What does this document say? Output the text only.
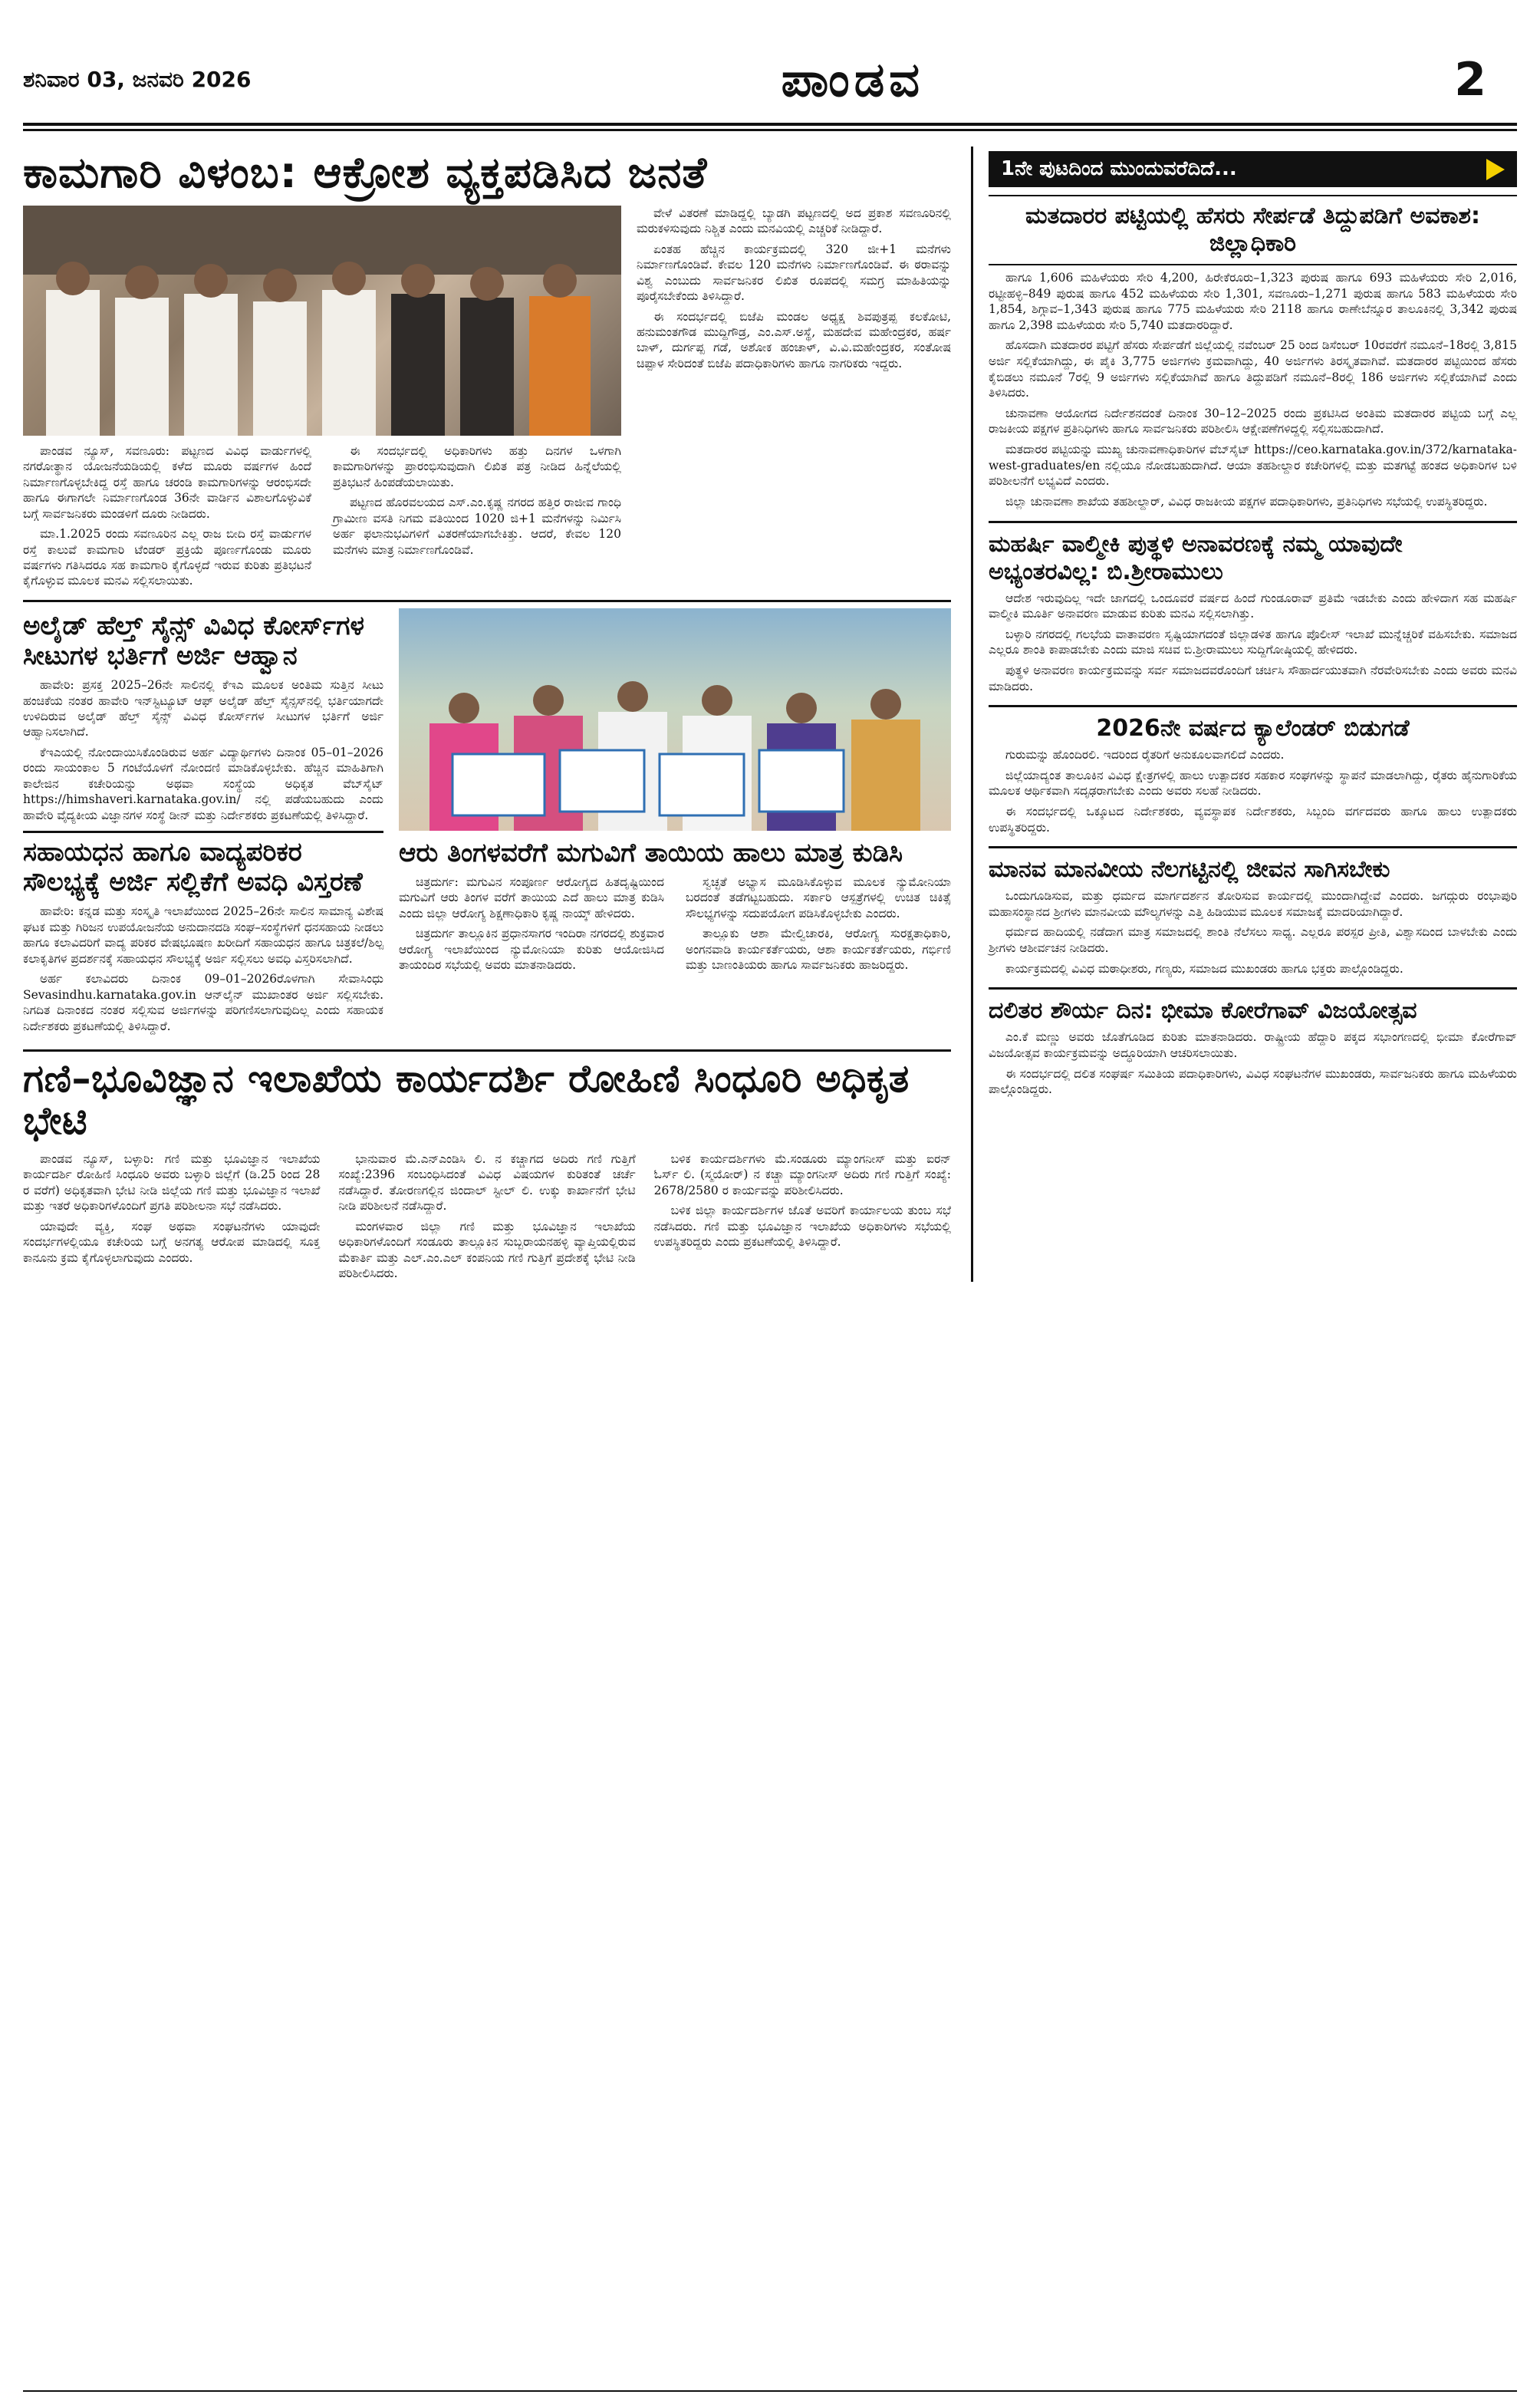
ಶನಿವಾರ 03, ಜನವರಿ 2026	ಪಾಂಡವ	2
ಕಾಮಗಾರಿ ವಿಳಂಬ: ಆಕ್ರೋಶ ವ್ಯಕ್ತಪಡಿಸಿದ ಜನತೆ

ಪಾಂಡವ ನ್ಯೂಸ್, ಸವಣೂರು: ಪಟ್ಟಣದ ವಿವಿಧ ವಾರ್ಡುಗಳಲ್ಲಿ ನಗರೋತ್ಥಾನ ಯೋಜನೆಯಡಿಯಲ್ಲಿ ಕಳೆದ ಮೂರು ವರ್ಷಗಳ ಹಿಂದೆ ನಿರ್ಮಾಣಗೊಳ್ಳಬೇಕಿದ್ದ ರಸ್ತೆ ಹಾಗೂ ಚರಂಡಿ ಕಾಮಗಾರಿಗಳನ್ನು ಆರಂಭಿಸದೇ ಹಾಗೂ ಈಗಾಗಲೇ ನಿರ್ಮಾಣಗೊಂಡ 36ನೇ ವಾರ್ಡಿನ ವಿಶಾಲಗೊಳ್ಳುವಿಕೆ ಬಗ್ಗೆ ಸಾರ್ವಜನಿಕರು ಮಂಡಳಿಗೆ ದೂರು ನೀಡಿದರು.

ಮಾ.1.2025 ರಂದು ಸವಣೂರಿನ ಎಲ್ಲ ರಾಜ ಬೀದಿ ರಸ್ತೆ ವಾರ್ಡುಗಳ ರಸ್ತೆ ಕಾಲುವೆ ಕಾಮಗಾರಿ ಟೆಂಡರ್ ಪ್ರಕ್ರಿಯೆ ಪೂರ್ಣಗೊಂಡು ಮೂರು ವರ್ಷಗಳು ಗತಿಸಿದರೂ ಸಹ ಕಾಮಗಾರಿ ಕೈಗೊಳ್ಳದೆ ಇರುವ ಕುರಿತು ಪ್ರತಿಭಟನೆ ಕೈಗೊಳ್ಳುವ ಮೂಲಕ ಮನವಿ ಸಲ್ಲಿಸಲಾಯಿತು.

ಈ ಸಂದರ್ಭದಲ್ಲಿ ಅಧಿಕಾರಿಗಳು ಹತ್ತು ದಿನಗಳ ಒಳಗಾಗಿ ಕಾಮಗಾರಿಗಳನ್ನು ಪ್ರಾರಂಭಿಸುವುದಾಗಿ ಲಿಖಿತ ಪತ್ರ ನೀಡಿದ ಹಿನ್ನೆಲೆಯಲ್ಲಿ ಪ್ರತಿಭಟನೆ ಹಿಂಪಡೆಯಲಾಯಿತು.

ಪಟ್ಟಣದ ಹೊರವಲಯದ ಎಸ್.ಎಂ.ಕೃಷ್ಣ ನಗರದ ಹತ್ತಿರ ರಾಜೀವ ಗಾಂಧಿ ಗ್ರಾಮೀಣ ವಸತಿ ನಿಗಮ ವತಿಯಿಂದ 1020 ಜಿ+1 ಮನೆಗಳನ್ನು ನಿರ್ಮಿಸಿ ಅರ್ಹ ಫಲಾನುಭವಿಗಳಿಗೆ ವಿತರಣೆಯಾಗಬೇಕಿತ್ತು. ಆದರೆ, ಕೇವಲ 120 ಮನೆಗಳು ಮಾತ್ರ ನಿರ್ಮಾಣಗೊಂಡಿವೆ.

ವೇಳೆ ವಿತರಣೆ ಮಾಡಿದ್ದಲ್ಲಿ ಬ್ಯಾಡಗಿ ಪಟ್ಟಣದಲ್ಲಿ ಅದ ಪ್ರಕಾಶ ಸವಣೂರಿನಲ್ಲಿ ಮರುಕಳಿಸುವುದು ನಿಶ್ಚಿತ ಎಂದು ಮನವಿಯಲ್ಲಿ ಎಚ್ಚರಿಕೆ ನೀಡಿದ್ದಾರೆ.

ಏಂತಹ ಹೆಚ್ಚಿನ ಕಾರ್ಯಕ್ರಮದಲ್ಲಿ 320 ಜೀ+1 ಮನೆಗಳು ನಿರ್ಮಾಣಗೊಂಡಿವೆ. ಕೇವಲ 120 ಮನೆಗಳು ನಿರ್ಮಾಣಗೊಂಡಿವೆ. ಈ ಠರಾವನ್ನು ವಿಶ್ವ ಎಂಬುದು ಸಾರ್ವಜನಿಕರ ಲಿಖಿತ ರೂಪದಲ್ಲಿ ಸಮಗ್ರ ಮಾಹಿತಿಯನ್ನು ಪೂರೈಸಬೇಕೆಂದು ತಿಳಿಸಿದ್ದಾರೆ.

ಈ ಸಂದರ್ಭದಲ್ಲಿ ಬಿಜೆಪಿ ಮಂಡಲ ಅಧ್ಯಕ್ಷ ಶಿವಪುತ್ರಪ್ಪ ಕಲಕೋಟಿ, ಹನುಮಂತಗೌಡ ಮುದ್ದಿಗೌಡ್ರ, ಎಂ.ಎಸ್.ಅಸ್ಥೆ, ಮಹದೇವ ಮಹೇಂದ್ರಕರ, ಹರ್ಷ ಬಾಳ್, ದುರ್ಗಪ್ಪ ಗಡೆ, ಅಶೋಕ ಹಂಚಾಳ್, ವಿ.ವಿ.ಮಹೇಂದ್ರಕರ, ಸಂತೋಷ ಚಿಪ್ಪಾಳ ಸೇರಿದಂತೆ ಬಿಜೆಪಿ ಪದಾಧಿಕಾರಿಗಳು ಹಾಗೂ ನಾಗರಿಕರು ಇದ್ದರು.

ಅಲೈಡ್ ಹೆಲ್ತ್ ಸೈನ್ಸ್ ವಿವಿಧ ಕೋರ್ಸ್‌ಗಳ ಸೀಟುಗಳ ಭರ್ತಿಗೆ ಅರ್ಜಿ ಆಹ್ವಾನ

ಹಾವೇರಿ: ಪ್ರಸಕ್ತ 2025–26ನೇ ಸಾಲಿನಲ್ಲಿ ಕೆಇಎ ಮೂಲಕ ಅಂತಿಮ ಸುತ್ತಿನ ಸೀಟು ಹಂಚಿಕೆಯ ನಂತರ ಹಾವೇರಿ ಇನ್‌ಸ್ಟಿಟ್ಯೂಟ್ ಆಫ್ ಅಲೈಡ್ ಹೆಲ್ತ್ ಸೈನ್ಸಸ್‌ನಲ್ಲಿ ಭರ್ತಿಯಾಗದೇ ಉಳಿದಿರುವ ಅಲೈಡ್ ಹೆಲ್ತ್ ಸೈನ್ಸ್ ವಿವಿಧ ಕೋರ್ಸ್‌ಗಳ ಸೀಟುಗಳ ಭರ್ತಿಗೆ ಅರ್ಜಿ ಆಹ್ವಾನಿಸಲಾಗಿದೆ.

ಕೆಇಎಯಲ್ಲಿ ನೋಂದಾಯಿಸಿಕೊಂಡಿರುವ ಅರ್ಹ ವಿದ್ಯಾರ್ಥಿಗಳು ದಿನಾಂಕ 05–01–2026 ರಂದು ಸಾಯಂಕಾಲ 5 ಗಂಟೆಯೊಳಗೆ ನೋಂದಣಿ ಮಾಡಿಕೊಳ್ಳಬೇಕು. ಹೆಚ್ಚಿನ ಮಾಹಿತಿಗಾಗಿ ಕಾಲೇಜಿನ ಕಚೇರಿಯನ್ನು ಅಥವಾ ಸಂಸ್ಥೆಯ ಅಧಿಕೃತ ವೆಬ್‌ಸೈಟ್ https://himshaveri.karnataka.gov.in/ ನಲ್ಲಿ ಪಡೆಯಬಹುದು ಎಂದು ಹಾವೇರಿ ವೈದ್ಯಕೀಯ ವಿಜ್ಞಾನಗಳ ಸಂಸ್ಥೆ ಡೀನ್ ಮತ್ತು ನಿರ್ದೇಶಕರು ಪ್ರಕಟಣೆಯಲ್ಲಿ ತಿಳಿಸಿದ್ದಾರೆ.

ಸಹಾಯಧನ ಹಾಗೂ ವಾದ್ಯಪರಿಕರ ಸೌಲಭ್ಯಕ್ಕೆ ಅರ್ಜಿ ಸಲ್ಲಿಕೆಗೆ ಅವಧಿ ವಿಸ್ತರಣೆ

ಹಾವೇರಿ: ಕನ್ನಡ ಮತ್ತು ಸಂಸ್ಕೃತಿ ಇಲಾಖೆಯಿಂದ 2025–26ನೇ ಸಾಲಿನ ಸಾಮಾನ್ಯ ವಿಶೇಷ ಘಟಕ ಮತ್ತು ಗಿರಿಜನ ಉಪಯೋಜನೆಯ ಅನುದಾನದಡಿ ಸಂಘ–ಸಂಸ್ಥೆಗಳಿಗೆ ಧನಸಹಾಯ ನೀಡಲು ಹಾಗೂ ಕಲಾವಿದರಿಗೆ ವಾದ್ಯ ಪರಿಕರ ವೇಷಭೂಷಣ ಖರೀದಿಗೆ ಸಹಾಯಧನ ಹಾಗೂ ಚಿತ್ರಕಲೆ/ಶಿಲ್ಪ ಕಲಾಕೃತಿಗಳ ಪ್ರದರ್ಶನಕ್ಕೆ ಸಹಾಯಧನ ಸೌಲಭ್ಯಕ್ಕೆ ಅರ್ಜಿ ಸಲ್ಲಿಸಲು ಅವಧಿ ವಿಸ್ತರಿಸಲಾಗಿದೆ.

ಅರ್ಹ ಕಲಾವಿದರು ದಿನಾಂಕ 09–01–2026ರೊಳಗಾಗಿ ಸೇವಾಸಿಂಧು Sevasindhu.karnataka.gov.in ಆನ್‌ಲೈನ್ ಮುಖಾಂತರ ಅರ್ಜಿ ಸಲ್ಲಿಸಬೇಕು. ನಿಗದಿತ ದಿನಾಂಕದ ನಂತರ ಸಲ್ಲಿಸುವ ಅರ್ಜಿಗಳನ್ನು ಪರಿಗಣಿಸಲಾಗುವುದಿಲ್ಲ ಎಂದು ಸಹಾಯಕ ನಿರ್ದೇಶಕರು ಪ್ರಕಟಣೆಯಲ್ಲಿ ತಿಳಿಸಿದ್ದಾರೆ.

ಆರು ತಿಂಗಳವರೆಗೆ ಮಗುವಿಗೆ ತಾಯಿಯ ಹಾಲು ಮಾತ್ರ ಕುಡಿಸಿ

ಚಿತ್ರದುರ್ಗ: ಮಗುವಿನ ಸಂಪೂರ್ಣ ಆರೋಗ್ಯದ ಹಿತದೃಷ್ಟಿಯಿಂದ ಮಗುವಿಗೆ ಆರು ತಿಂಗಳ ವರೆಗೆ ತಾಯಿಯ ಎದೆ ಹಾಲು ಮಾತ್ರ ಕುಡಿಸಿ ಎಂದು ಜಿಲ್ಲಾ ಆರೋಗ್ಯ ಶಿಕ್ಷಣಾಧಿಕಾರಿ ಕೃಷ್ಣ ನಾಯ್ಕ್ ಹೇಳಿದರು.

ಚಿತ್ರದುರ್ಗ ತಾಲ್ಲೂಕಿನ ಪ್ರಧಾನಸಾಗರ ಇಂದಿರಾ ನಗರದಲ್ಲಿ ಶುಕ್ರವಾರ ಆರೋಗ್ಯ ಇಲಾಖೆಯಿಂದ ನ್ಯುಮೋನಿಯಾ ಕುರಿತು ಆಯೋಜಿಸಿದ ತಾಯಂದಿರ ಸಭೆಯಲ್ಲಿ ಅವರು ಮಾತನಾಡಿದರು.

ಸ್ವಚ್ಛತೆ ಅಭ್ಯಾಸ ಮೂಡಿಸಿಕೊಳ್ಳುವ ಮೂಲಕ ನ್ಯುಮೋನಿಯಾ ಬರದಂತೆ ತಡೆಗಟ್ಟಬಹುದು. ಸರ್ಕಾರಿ ಆಸ್ಪತ್ರೆಗಳಲ್ಲಿ ಉಚಿತ ಚಿಕಿತ್ಸೆ ಸೌಲಭ್ಯಗಳನ್ನು ಸದುಪಯೋಗ ಪಡಿಸಿಕೊಳ್ಳಬೇಕು ಎಂದರು.

ತಾಲ್ಲೂಕು ಆಶಾ ಮೇಲ್ವಿಚಾರಕಿ, ಆರೋಗ್ಯ ಸುರಕ್ಷತಾಧಿಕಾರಿ, ಅಂಗನವಾಡಿ ಕಾರ್ಯಕರ್ತೆಯರು, ಆಶಾ ಕಾರ್ಯಕರ್ತೆಯರು, ಗರ್ಭಿಣಿ ಮತ್ತು ಬಾಣಂತಿಯರು ಹಾಗೂ ಸಾರ್ವಜನಿಕರು ಹಾಜರಿದ್ದರು.

ಗಣಿ–ಭೂವಿಜ್ಞಾನ ಇಲಾಖೆಯ ಕಾರ್ಯದರ್ಶಿ ರೋಹಿಣಿ ಸಿಂಧೂರಿ ಅಧಿಕೃತ ಭೇಟಿ

ಪಾಂಡವ ನ್ಯೂಸ್, ಬಳ್ಳಾರಿ: ಗಣಿ ಮತ್ತು ಭೂವಿಜ್ಞಾನ ಇಲಾಖೆಯ ಕಾರ್ಯದರ್ಶಿ ರೋಹಿಣಿ ಸಿಂಧೂರಿ ಅವರು ಬಳ್ಳಾರಿ ಜಿಲ್ಲೆಗೆ (ಡಿ.25 ರಿಂದ 28 ರ ವರೆಗೆ) ಅಧಿಕೃತವಾಗಿ ಭೇಟಿ ನೀಡಿ ಜಿಲ್ಲೆಯ ಗಣಿ ಮತ್ತು ಭೂವಿಜ್ಞಾನ ಇಲಾಖೆ ಮತ್ತು ಇತರೆ ಅಧಿಕಾರಿಗಳೊಂದಿಗೆ ಪ್ರಗತಿ ಪರಿಶೀಲನಾ ಸಭೆ ನಡೆಸಿದರು.

ಯಾವುದೇ ವ್ಯಕ್ತಿ, ಸಂಘ ಅಥವಾ ಸಂಘಟನೆಗಳು ಯಾವುದೇ ಸಂದರ್ಭಗಳಲ್ಲಿಯೂ ಕಚೇರಿಯ ಬಗ್ಗೆ ಅನಗತ್ಯ ಆರೋಪ ಮಾಡಿದಲ್ಲಿ ಸೂಕ್ತ ಕಾನೂನು ಕ್ರಮ ಕೈಗೊಳ್ಳಲಾಗುವುದು ಎಂದರು.

ಭಾನುವಾರ ಮೆ.ಎನ್‌ಎಂಡಿಸಿ ಲಿ. ನ ಕಚ್ಚಾಗದ ಅದಿರು ಗಣಿ ಗುತ್ತಿಗೆ ಸಂಖ್ಯೆ:2396 ಸಂಬಂಧಿಸಿದಂತೆ ವಿವಿಧ ವಿಷಯಗಳ ಕುರಿತಂತೆ ಚರ್ಚೆ ನಡೆಸಿದ್ದಾರೆ. ತೋರಣಗಲ್ಲಿನ ಜಿಂದಾಲ್ ಸ್ಟೀಲ್ ಲಿ. ಉಕ್ಕು ಕಾರ್ಖಾನೆಗೆ ಭೇಟಿ ನೀಡಿ ಪರಿಶೀಲನೆ ನಡೆಸಿದ್ದಾರೆ.

ಮಂಗಳವಾರ ಜಿಲ್ಲಾ ಗಣಿ ಮತ್ತು ಭೂವಿಜ್ಞಾನ ಇಲಾಖೆಯ ಅಧಿಕಾರಿಗಳೊಂದಿಗೆ ಸಂಡೂರು ತಾಲ್ಲೂಕಿನ ಸುಬ್ಬರಾಯನಹಳ್ಳಿ ವ್ಯಾಪ್ತಿಯಲ್ಲಿರುವ ಮೆಕಾರ್ತಿ ಮತ್ತು ಎಲ್.ಎಂ.ಎಲ್ ಕಂಪನಿಯ ಗಣಿ ಗುತ್ತಿಗೆ ಪ್ರದೇಶಕ್ಕೆ ಭೇಟಿ ನೀಡಿ ಪರಿಶೀಲಿಸಿದರು.

ಬಳಿಕ ಕಾರ್ಯದರ್ಶಿಗಳು ಮೆ.ಸಂಡೂರು ಮ್ಯಾಂಗನೀಸ್ ಮತ್ತು ಐರನ್ ಓರ್ಸ್ ಲಿ. (ಸ್ಮಯೋರ್) ನ ಕಚ್ಚಾ ಮ್ಯಾಂಗನೀಸ್ ಅದಿರು ಗಣಿ ಗುತ್ತಿಗೆ ಸಂಖ್ಯೆ: 2678/2580 ರ ಕಾರ್ಯವನ್ನು ಪರಿಶೀಲಿಸಿದರು.

ಬಳಿಕ ಜಿಲ್ಲಾ ಕಾರ್ಯದರ್ಶಿಗಳ ಜೊತೆ ಅವರಿಗೆ ಕಾರ್ಯಾಲಯ ತುಂಬ ಸಭೆ ನಡೆಸಿದರು. ಗಣಿ ಮತ್ತು ಭೂವಿಜ್ಞಾನ ಇಲಾಖೆಯ ಅಧಿಕಾರಿಗಳು ಸಭೆಯಲ್ಲಿ ಉಪಸ್ಥಿತರಿದ್ದರು ಎಂದು ಪ್ರಕಟಣೆಯಲ್ಲಿ ತಿಳಿಸಿದ್ದಾರೆ.

1ನೇ ಪುಟದಿಂದ ಮುಂದುವರೆದಿದೆ...
ಮತದಾರರ ಪಟ್ಟಿಯಲ್ಲಿ ಹೆಸರು ಸೇರ್ಪಡೆ ತಿದ್ದುಪಡಿಗೆ ಅವಕಾಶ: ಜಿಲ್ಲಾಧಿಕಾರಿ

ಹಾಗೂ 1,606 ಮಹಿಳೆಯರು ಸೇರಿ 4,200, ಹಿರೇಕೆರೂರು–1,323 ಪುರುಷ ಹಾಗೂ 693 ಮಹಿಳೆಯರು ಸೇರಿ 2,016, ರಟ್ಟೀಹಳ್ಳಿ–849 ಪುರುಷ ಹಾಗೂ 452 ಮಹಿಳೆಯರು ಸೇರಿ 1,301, ಸವಣೂರು–1,271 ಪುರುಷ ಹಾಗೂ 583 ಮಹಿಳೆಯರು ಸೇರಿ 1,854, ಶಿಗ್ಗಾವ–1,343 ಪುರುಷ ಹಾಗೂ 775 ಮಹಿಳೆಯರು ಸೇರಿ 2118 ಹಾಗೂ ರಾಣೇಬೆನ್ನೂರ ತಾಲೂಕಿನಲ್ಲಿ 3,342 ಪುರುಷ ಹಾಗೂ 2,398 ಮಹಿಳೆಯರು ಸೇರಿ 5,740 ಮತದಾರರಿದ್ದಾರೆ.

ಹೊಸದಾಗಿ ಮತದಾರರ ಪಟ್ಟಿಗೆ ಹೆಸರು ಸೇರ್ಪಡೆಗೆ ಜಿಲ್ಲೆಯಲ್ಲಿ ನವೆಂಬರ್ 25 ರಿಂದ ಡಿಸೆಂಬರ್ 10ರವರೆಗೆ ನಮೂನೆ–18ರಲ್ಲಿ 3,815 ಅರ್ಜಿ ಸಲ್ಲಿಕೆಯಾಗಿದ್ದು, ಈ ಪೈಕಿ 3,775 ಅರ್ಜಿಗಳು ಕ್ರಮವಾಗಿದ್ದು, 40 ಅರ್ಜಿಗಳು ತಿರಸ್ಕೃತವಾಗಿವೆ. ಮತದಾರರ ಪಟ್ಟಿಯಿಂದ ಹೆಸರು ಕೈಬಿಡಲು ನಮೂನೆ 7ರಲ್ಲಿ 9 ಅರ್ಜಿಗಳು ಸಲ್ಲಿಕೆಯಾಗಿವೆ ಹಾಗೂ ತಿದ್ದುಪಡಿಗೆ ನಮೂನೆ–8ರಲ್ಲಿ 186 ಅರ್ಜಿಗಳು ಸಲ್ಲಿಕೆಯಾಗಿವೆ ಎಂದು ತಿಳಿಸಿದರು.

ಚುನಾವಣಾ ಆಯೋಗದ ನಿರ್ದೇಶನದಂತೆ ದಿನಾಂಕ 30–12–2025 ರಂದು ಪ್ರಕಟಿಸಿದ ಅಂತಿಮ ಮತದಾರರ ಪಟ್ಟಿಯ ಬಗ್ಗೆ ಎಲ್ಲ ರಾಜಕೀಯ ಪಕ್ಷಗಳ ಪ್ರತಿನಿಧಿಗಳು ಹಾಗೂ ಸಾರ್ವಜನಿಕರು ಪರಿಶೀಲಿಸಿ ಆಕ್ಷೇಪಣೆಗಳಿದ್ದಲ್ಲಿ ಸಲ್ಲಿಸಬಹುದಾಗಿದೆ.

ಮತದಾರರ ಪಟ್ಟಿಯನ್ನು ಮುಖ್ಯ ಚುನಾವಣಾಧಿಕಾರಿಗಳ ವೆಬ್‌ಸೈಟ್ https://ceo.karnataka.gov.in/372/karnataka-west-graduates/en ನಲ್ಲಿಯೂ ನೋಡಬಹುದಾಗಿದೆ. ಆಯಾ ತಹಶೀಲ್ದಾರ ಕಚೇರಿಗಳಲ್ಲಿ ಮತ್ತು ಮತಗಟ್ಟೆ ಹಂತದ ಅಧಿಕಾರಿಗಳ ಬಳಿ ಪರಿಶೀಲನೆಗೆ ಲಭ್ಯವಿದೆ ಎಂದರು.

ಜಿಲ್ಲಾ ಚುನಾವಣಾ ಶಾಖೆಯ ತಹಶೀಲ್ದಾರ್, ವಿವಿಧ ರಾಜಕೀಯ ಪಕ್ಷಗಳ ಪದಾಧಿಕಾರಿಗಳು, ಪ್ರತಿನಿಧಿಗಳು ಸಭೆಯಲ್ಲಿ ಉಪಸ್ಥಿತರಿದ್ದರು.

ಮಹರ್ಷಿ ವಾಲ್ಮೀಕಿ ಪುತ್ಥಳಿ ಅನಾವರಣಕ್ಕೆ ನಮ್ಮ ಯಾವುದೇ ಅಭ್ಯಂತರವಿಲ್ಲ: ಬಿ.ಶ್ರೀರಾಮುಲು

ಆದೇಶ ಇರುವುದಿಲ್ಲ ಇದೇ ಜಾಗದಲ್ಲಿ ಒಂದೂವರೆ ವರ್ಷದ ಹಿಂದೆ ಗುಂಡೂರಾವ್ ಪ್ರತಿಮೆ ಇಡಬೇಕು ಎಂದು ಹೇಳಿದಾಗ ಸಹ ಮಹರ್ಷಿ ವಾಲ್ಮೀಕಿ ಮೂರ್ತಿ ಅನಾವರಣ ಮಾಡುವ ಕುರಿತು ಮನವಿ ಸಲ್ಲಿಸಲಾಗಿತ್ತು.

ಬಳ್ಳಾರಿ ನಗರದಲ್ಲಿ ಗಲಭೆಯ ವಾತಾವರಣ ಸೃಷ್ಟಿಯಾಗದಂತೆ ಜಿಲ್ಲಾಡಳಿತ ಹಾಗೂ ಪೊಲೀಸ್ ಇಲಾಖೆ ಮುನ್ನೆಚ್ಚರಿಕೆ ವಹಿಸಬೇಕು. ಸಮಾಜದ ಎಲ್ಲರೂ ಶಾಂತಿ ಕಾಪಾಡಬೇಕು ಎಂದು ಮಾಜಿ ಸಚಿವ ಬಿ.ಶ್ರೀರಾಮುಲು ಸುದ್ದಿಗೋಷ್ಠಿಯಲ್ಲಿ ಹೇಳಿದರು.

ಪುತ್ಥಳಿ ಅನಾವರಣ ಕಾರ್ಯಕ್ರಮವನ್ನು ಸರ್ವ ಸಮಾಜದವರೊಂದಿಗೆ ಚರ್ಚಿಸಿ ಸೌಹಾರ್ದಯುತವಾಗಿ ನೆರವೇರಿಸಬೇಕು ಎಂದು ಅವರು ಮನವಿ ಮಾಡಿದರು.

2026ನೇ ವರ್ಷದ ಕ್ಯಾಲೆಂಡರ್ ಬಿಡುಗಡೆ

ಗುರುಮನ್ನು ಹೊಂದಿರಲಿ. ಇದರಿಂದ ರೈತರಿಗೆ ಅನುಕೂಲವಾಗಲಿದೆ ಎಂದರು.

ಜಿಲ್ಲೆಯಾದ್ಯಂತ ತಾಲೂಕಿನ ವಿವಿಧ ಕ್ಷೇತ್ರಗಳಲ್ಲಿ ಹಾಲು ಉತ್ಪಾದಕರ ಸಹಕಾರ ಸಂಘಗಳನ್ನು ಸ್ಥಾಪನೆ ಮಾಡಲಾಗಿದ್ದು, ರೈತರು ಹೈನುಗಾರಿಕೆಯ ಮೂಲಕ ಆರ್ಥಿಕವಾಗಿ ಸದೃಢರಾಗಬೇಕು ಎಂದು ಅವರು ಸಲಹೆ ನೀಡಿದರು.

ಈ ಸಂದರ್ಭದಲ್ಲಿ ಒಕ್ಕೂಟದ ನಿರ್ದೇಶಕರು, ವ್ಯವಸ್ಥಾಪಕ ನಿರ್ದೇಶಕರು, ಸಿಬ್ಬಂದಿ ವರ್ಗದವರು ಹಾಗೂ ಹಾಲು ಉತ್ಪಾದಕರು ಉಪಸ್ಥಿತರಿದ್ದರು.

ಮಾನವ ಮಾನವೀಯ ನೆಲಗಟ್ಟಿನಲ್ಲಿ ಜೀವನ ಸಾಗಿಸಬೇಕು

ಒಂದುಗೂಡಿಸುವ, ಮತ್ತು ಧರ್ಮದ ಮಾರ್ಗದರ್ಶನ ತೋರಿಸುವ ಕಾರ್ಯದಲ್ಲಿ ಮುಂದಾಗಿದ್ದೇವೆ ಎಂದರು. ಜಗದ್ಗುರು ರಂಭಾಪುರಿ ಮಹಾಸಂಸ್ಥಾನದ ಶ್ರೀಗಳು ಮಾನವೀಯ ಮೌಲ್ಯಗಳನ್ನು ಎತ್ತಿ ಹಿಡಿಯುವ ಮೂಲಕ ಸಮಾಜಕ್ಕೆ ಮಾದರಿಯಾಗಿದ್ದಾರೆ.

ಧರ್ಮದ ಹಾದಿಯಲ್ಲಿ ನಡೆದಾಗ ಮಾತ್ರ ಸಮಾಜದಲ್ಲಿ ಶಾಂತಿ ನೆಲೆಸಲು ಸಾಧ್ಯ. ಎಲ್ಲರೂ ಪರಸ್ಪರ ಪ್ರೀತಿ, ವಿಶ್ವಾಸದಿಂದ ಬಾಳಬೇಕು ಎಂದು ಶ್ರೀಗಳು ಆಶೀರ್ವಚನ ನೀಡಿದರು.

ಕಾರ್ಯಕ್ರಮದಲ್ಲಿ ವಿವಿಧ ಮಠಾಧೀಶರು, ಗಣ್ಯರು, ಸಮಾಜದ ಮುಖಂಡರು ಹಾಗೂ ಭಕ್ತರು ಪಾಲ್ಗೊಂಡಿದ್ದರು.

ದಲಿತರ ಶೌರ್ಯ ದಿನ: ಭೀಮಾ ಕೋರೆಗಾವ್ ವಿಜಯೋತ್ಸವ

ಎಂ.ಕೆ ಮಣ್ಣು ಅವರು ಜೊತೆಗೂಡಿದ ಕುರಿತು ಮಾತನಾಡಿದರು. ರಾಷ್ಟ್ರೀಯ ಹೆದ್ದಾರಿ ಪಕ್ಕದ ಸಭಾಂಗಣದಲ್ಲಿ ಭೀಮಾ ಕೋರೆಗಾವ್ ವಿಜಯೋತ್ಸವ ಕಾರ್ಯಕ್ರಮವನ್ನು ಅದ್ಧೂರಿಯಾಗಿ ಆಚರಿಸಲಾಯಿತು.

ಈ ಸಂದರ್ಭದಲ್ಲಿ ದಲಿತ ಸಂಘರ್ಷ ಸಮಿತಿಯ ಪದಾಧಿಕಾರಿಗಳು, ವಿವಿಧ ಸಂಘಟನೆಗಳ ಮುಖಂಡರು, ಸಾರ್ವಜನಿಕರು ಹಾಗೂ ಮಹಿಳೆಯರು ಪಾಲ್ಗೊಂಡಿದ್ದರು.
